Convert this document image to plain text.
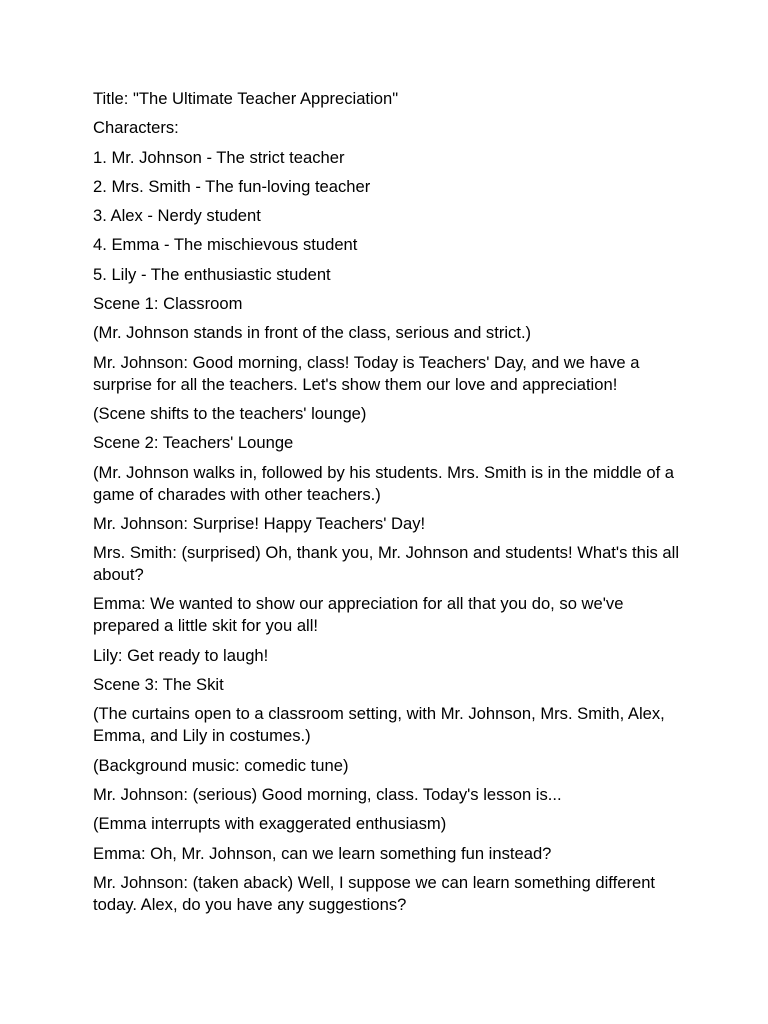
Title: "The Ultimate Teacher Appreciation"

Characters:

1. Mr. Johnson - The strict teacher

2. Mrs. Smith - The fun-loving teacher

3. Alex - Nerdy student

4. Emma - The mischievous student

5. Lily - The enthusiastic student

Scene 1: Classroom

(Mr. Johnson stands in front of the class, serious and strict.)

Mr. Johnson: Good morning, class! Today is Teachers' Day, and we have a surprise for all the teachers. Let's show them our love and appreciation!

(Scene shifts to the teachers' lounge)

Scene 2: Teachers' Lounge

(Mr. Johnson walks in, followed by his students. Mrs. Smith is in the middle of a game of charades with other teachers.)

Mr. Johnson: Surprise! Happy Teachers' Day!

Mrs. Smith: (surprised) Oh, thank you, Mr. Johnson and students! What's this all about?

Emma: We wanted to show our appreciation for all that you do, so we've prepared a little skit for you all!

Lily: Get ready to laugh!

Scene 3: The Skit

(The curtains open to a classroom setting, with Mr. Johnson, Mrs. Smith, Alex, Emma, and Lily in costumes.)

(Background music: comedic tune)

Mr. Johnson: (serious) Good morning, class. Today's lesson is...

(Emma interrupts with exaggerated enthusiasm)

Emma: Oh, Mr. Johnson, can we learn something fun instead?

Mr. Johnson: (taken aback) Well, I suppose we can learn something different today. Alex, do you have any suggestions?
